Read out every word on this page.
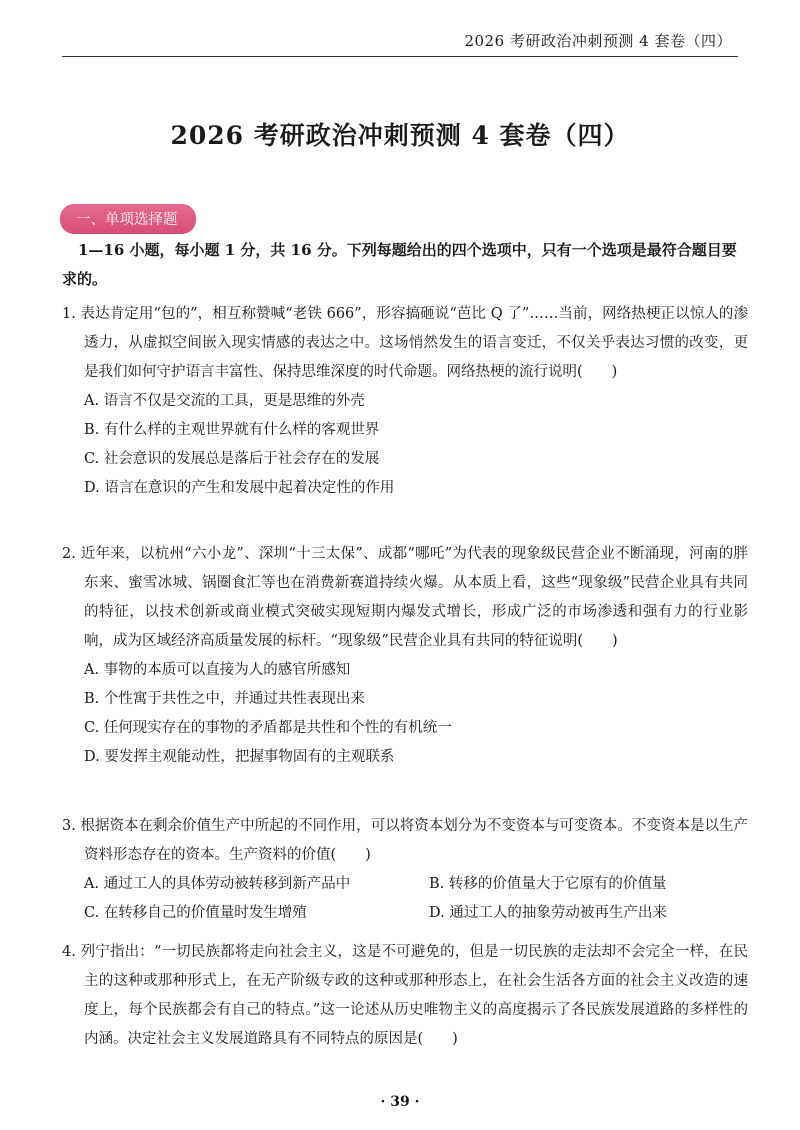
2026 考研政治冲刺预测 4 套卷（四）
2026 考研政治冲刺预测 4 套卷（四）
一、单项选择题
1—16 小题，每小题 1 分，共 16 分。下列每题给出的四个选项中，只有一个选项是最符合题目要求的。
1. 表达肯定用“包的”，相互称赞喊“老铁 666”，形容搞砸说“芭比 Q 了”……当前，网络热梗正以惊人的渗透力，从虚拟空间嵌入现实情感的表达之中。这场悄然发生的语言变迁，不仅关乎表达习惯的改变，更是我们如何守护语言丰富性、保持思维深度的时代命题。网络热梗的流行说明(　　)
A. 语言不仅是交流的工具，更是思维的外壳
B. 有什么样的主观世界就有什么样的客观世界
C. 社会意识的发展总是落后于社会存在的发展
D. 语言在意识的产生和发展中起着决定性的作用
2. 近年来，以杭州“六小龙”、深圳“十三太保”、成都“哪吒”为代表的现象级民营企业不断涌现，河南的胖东来、蜜雪冰城、锅圈食汇等也在消费新赛道持续火爆。从本质上看，这些“现象级”民营企业具有共同的特征，以技术创新或商业模式突破实现短期内爆发式增长，形成广泛的市场渗透和强有力的行业影响，成为区域经济高质量发展的标杆。“现象级”民营企业具有共同的特征说明(　　)
A. 事物的本质可以直接为人的感官所感知
B. 个性寓于共性之中，并通过共性表现出来
C. 任何现实存在的事物的矛盾都是共性和个性的有机统一
D. 要发挥主观能动性，把握事物固有的主观联系
3. 根据资本在剩余价值生产中所起的不同作用，可以将资本划分为不变资本与可变资本。不变资本是以生产资料形态存在的资本。生产资料的价值(　　)
A. 通过工人的具体劳动被转移到新产品中	B. 转移的价值量大于它原有的价值量
C. 在转移自己的价值量时发生增殖	D. 通过工人的抽象劳动被再生产出来
4. 列宁指出：“一切民族都将走向社会主义，这是不可避免的，但是一切民族的走法却不会完全一样，在民主的这种或那种形式上，在无产阶级专政的这种或那种形态上，在社会生活各方面的社会主义改造的速度上，每个民族都会有自己的特点。”这一论述从历史唯物主义的高度揭示了各民族发展道路的多样性的内涵。决定社会主义发展道路具有不同特点的原因是(　　)
· 39 ·
